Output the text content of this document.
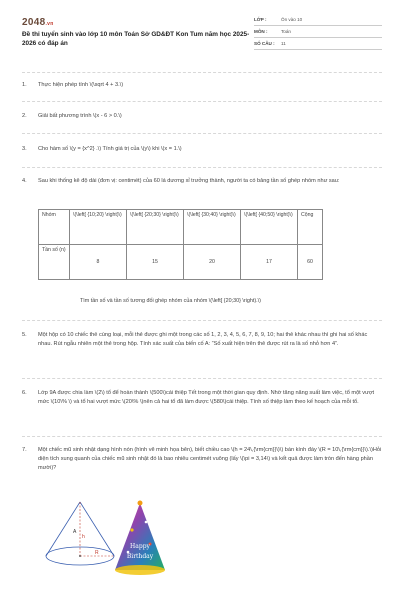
2048.vn
Đề thi tuyển sinh vào lớp 10 môn Toán Sở GD&ĐT Kon Tum năm học 2025-2026 có đáp án
LỚP :	Ôn vào 10
MÔN :	Toán
SỐ CÂU :	11
1. Thực hiện phép tính \(\sqrt 4 + 3.\)
2. Giải bất phương trình \(x - 6 > 0.\)
3. Cho hàm số \(y = {x^2} .\) Tính giá trị của \(y\) khi \(x = 1.\)
4. Sau khi thống kê độ dài (đơn vị: centimét) của 60 lá dương xỉ trưởng thành, người ta có bảng tần số ghép nhóm như sau:
Nhóm	\(\left[ {10;20} \right)\)	\(\left[ {20;30} \right)\)	\(\left[ {30;40} \right)\)	\(\left[ {40;50} \right)\)	Cộng
Tần số (n)	8	15	20	17	60
Tìm tần số và tần số tương đối ghép nhóm của nhóm \(\left[ {20;30} \right).\)
5. Một hộp có 10 chiếc thẻ cùng loại, mỗi thẻ được ghi một trong các số 1, 2, 3, 4, 5, 6, 7, 8, 9, 10; hai thẻ khác nhau thì ghi hai số khác nhau. Rút ngẫu nhiên một thẻ trong hộp. Tính xác suất của biến cố A: “Số xuất hiện trên thẻ được rút ra là số nhỏ hơn 4”.
6. Lớp 9A được chia làm \(2\) tổ để hoàn thành \(500\)cái thiệp Tết trong một thời gian quy định. Nhờ tăng năng suất làm việc, tổ một vượt mức \(10\% \) và tổ hai vượt mức \(20\% \)nên cả hai tổ đã làm được \(580\)cái thiệp. Tính số thiệp làm theo kế hoạch của mỗi tổ.
7. Một chiếc mũ sinh nhật dạng hình nón (hình vẽ minh họa bên), biết chiều cao \(h = 24\,{\rm{cm}}\)\) bán kính đáy \(R = 10\,{\rm{cm}}\).\)Hỏi diện tích xung quanh của chiếc mũ sinh nhật đó là bao nhiêu centimét vuông (lấy \(\pi = 3,14\) và kết quả được làm tròn đến hàng phần mười)?
A
h
R
Happy
Birthday
